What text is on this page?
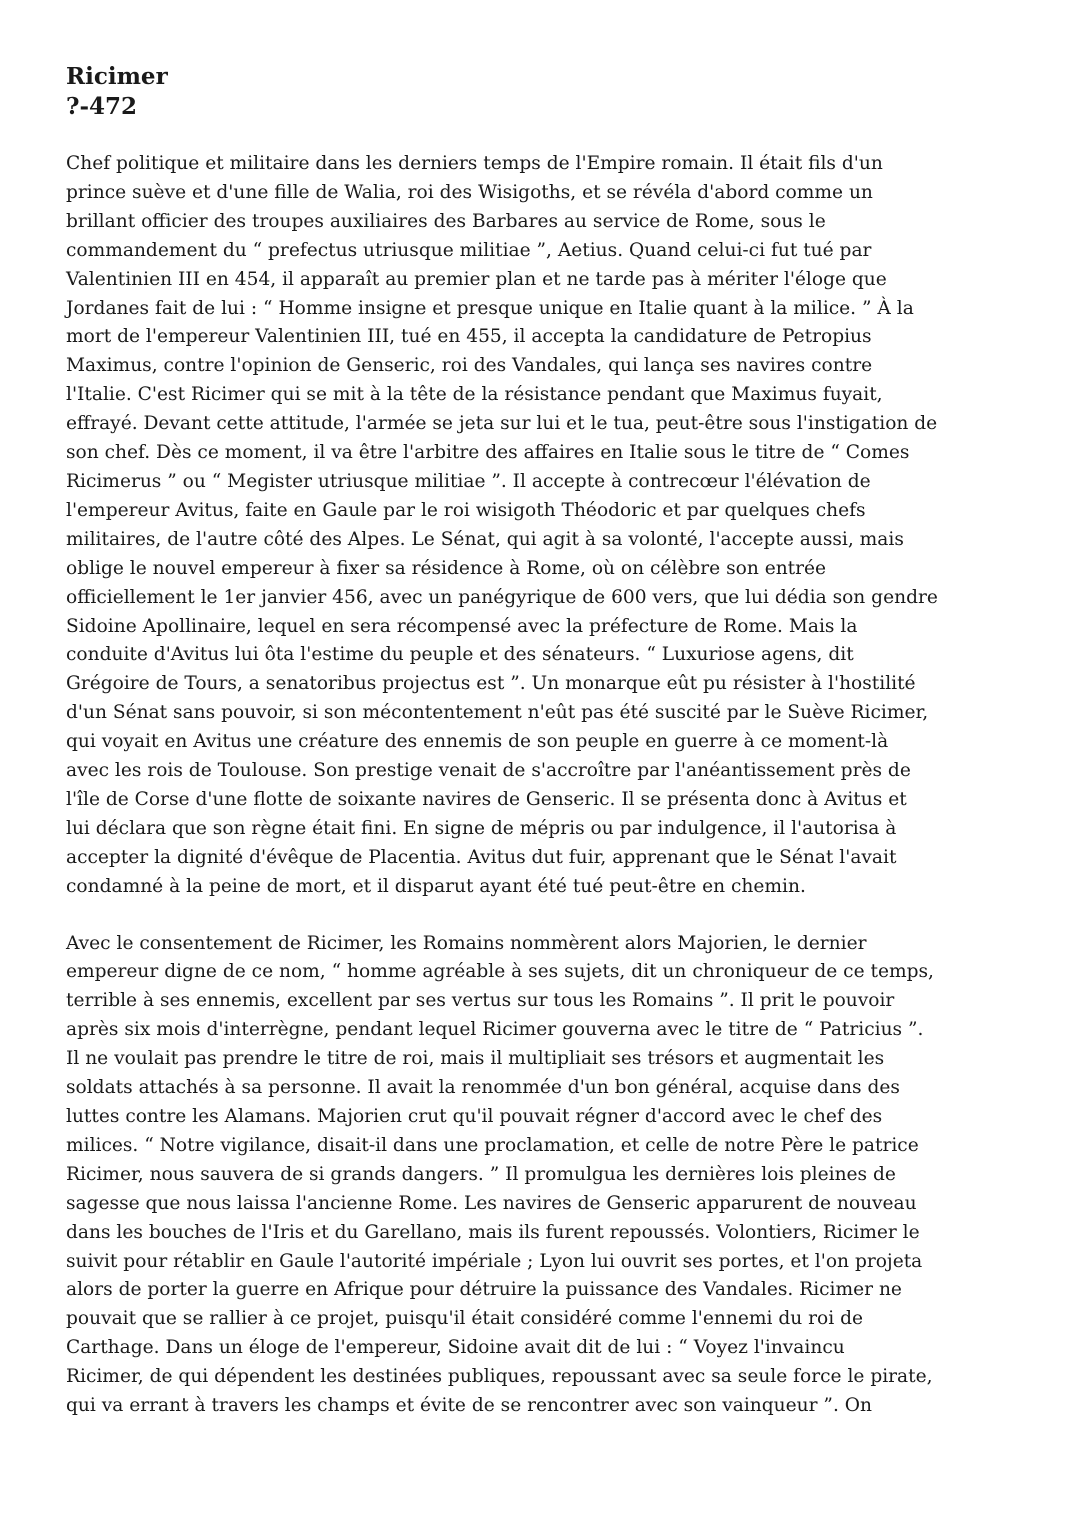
Ricimer
?-472
Chef politique et militaire dans les derniers temps de l'Empire romain. Il était fils d'un
prince suève et d'une fille de Walia, roi des Wisigoths, et se révéla d'abord comme un
brillant officier des troupes auxiliaires des Barbares au service de Rome, sous le
commandement du “ prefectus utriusque militiae ”, Aetius. Quand celui-ci fut tué par
Valentinien III en 454, il apparaît au premier plan et ne tarde pas à mériter l'éloge que
Jordanes fait de lui : “ Homme insigne et presque unique en Italie quant à la milice. ” À la
mort de l'empereur Valentinien III, tué en 455, il accepta la candidature de Petropius
Maximus, contre l'opinion de Genseric, roi des Vandales, qui lança ses navires contre
l'Italie. C'est Ricimer qui se mit à la tête de la résistance pendant que Maximus fuyait,
effrayé. Devant cette attitude, l'armée se jeta sur lui et le tua, peut-être sous l'instigation de
son chef. Dès ce moment, il va être l'arbitre des affaires en Italie sous le titre de “ Comes
Ricimerus ” ou “ Megister utriusque militiae ”. Il accepte à contrecœur l'élévation de
l'empereur Avitus, faite en Gaule par le roi wisigoth Théodoric et par quelques chefs
militaires, de l'autre côté des Alpes. Le Sénat, qui agit à sa volonté, l'accepte aussi, mais
oblige le nouvel empereur à fixer sa résidence à Rome, où on célèbre son entrée
officiellement le 1er janvier 456, avec un panégyrique de 600 vers, que lui dédia son gendre
Sidoine Apollinaire, lequel en sera récompensé avec la préfecture de Rome. Mais la
conduite d'Avitus lui ôta l'estime du peuple et des sénateurs. “ Luxuriose agens, dit
Grégoire de Tours, a senatoribus projectus est ”. Un monarque eût pu résister à l'hostilité
d'un Sénat sans pouvoir, si son mécontentement n'eût pas été suscité par le Suève Ricimer,
qui voyait en Avitus une créature des ennemis de son peuple en guerre à ce moment-là
avec les rois de Toulouse. Son prestige venait de s'accroître par l'anéantissement près de
l'île de Corse d'une flotte de soixante navires de Genseric. Il se présenta donc à Avitus et
lui déclara que son règne était fini. En signe de mépris ou par indulgence, il l'autorisa à
accepter la dignité d'évêque de Placentia. Avitus dut fuir, apprenant que le Sénat l'avait
condamné à la peine de mort, et il disparut ayant été tué peut-être en chemin.
Avec le consentement de Ricimer, les Romains nommèrent alors Majorien, le dernier
empereur digne de ce nom, “ homme agréable à ses sujets, dit un chroniqueur de ce temps,
terrible à ses ennemis, excellent par ses vertus sur tous les Romains ”. Il prit le pouvoir
après six mois d'interrègne, pendant lequel Ricimer gouverna avec le titre de “ Patricius ”.
Il ne voulait pas prendre le titre de roi, mais il multipliait ses trésors et augmentait les
soldats attachés à sa personne. Il avait la renommée d'un bon général, acquise dans des
luttes contre les Alamans. Majorien crut qu'il pouvait régner d'accord avec le chef des
milices. “ Notre vigilance, disait-il dans une proclamation, et celle de notre Père le patrice
Ricimer, nous sauvera de si grands dangers. ” Il promulgua les dernières lois pleines de
sagesse que nous laissa l'ancienne Rome. Les navires de Genseric apparurent de nouveau
dans les bouches de l'Iris et du Garellano, mais ils furent repoussés. Volontiers, Ricimer le
suivit pour rétablir en Gaule l'autorité impériale ; Lyon lui ouvrit ses portes, et l'on projeta
alors de porter la guerre en Afrique pour détruire la puissance des Vandales. Ricimer ne
pouvait que se rallier à ce projet, puisqu'il était considéré comme l'ennemi du roi de
Carthage. Dans un éloge de l'empereur, Sidoine avait dit de lui : “ Voyez l'invaincu
Ricimer, de qui dépendent les destinées publiques, repoussant avec sa seule force le pirate,
qui va errant à travers les champs et évite de se rencontrer avec son vainqueur ”. On
